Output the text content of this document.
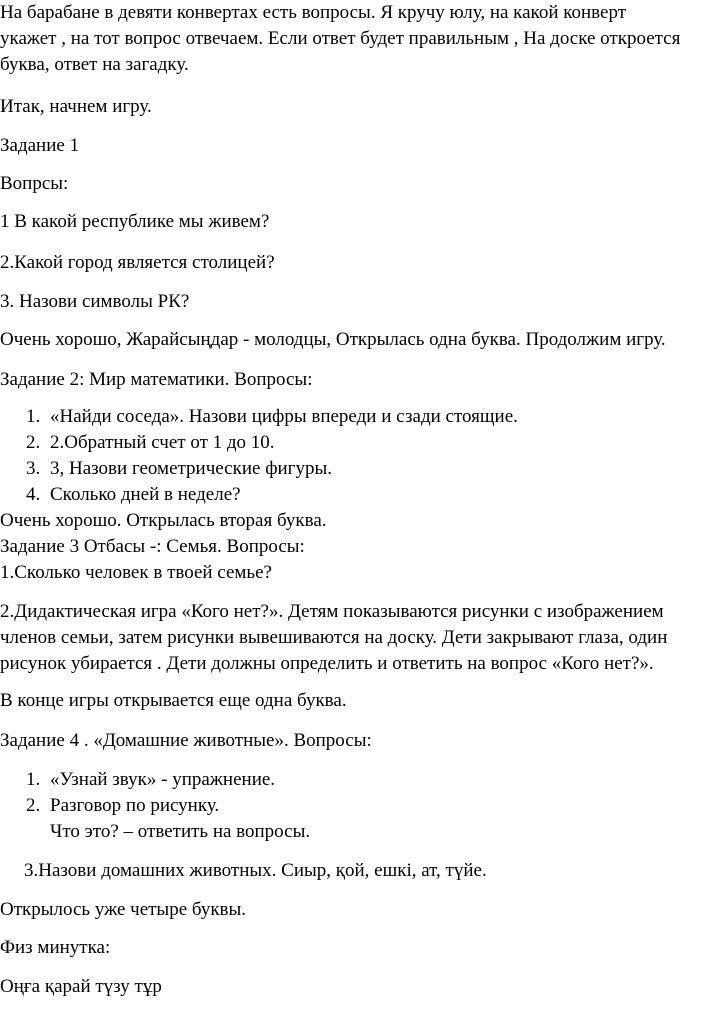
На барабане в девяти конвертах есть вопросы. Я кручу юлу, на какой конверт
укажет , на тот вопрос отвечаем. Если ответ будет правильным , На доске откроется
буква, ответ на загадку.
Итак, начнем игру.
Задание 1
Вопрсы:
1 В какой республике мы живем?
2.Какой город является столицей?
3. Назови символы РК?
Очень хорошо, Жарайсыңдар - молодцы, Открылась одна буква. Продолжим игру.
Задание 2: Мир математики. Вопросы:
1. «Найди соседа». Назови цифры впереди и сзади стоящие.
2. 2.Обратный счет от 1 до 10.
3. 3, Назови геометрические фигуры.
4. Сколько дней в неделе?
Очень хорошо. Открылась вторая буква.
Задание 3 Отбасы -: Семья. Вопросы:
1.Сколько человек в твоей семье?
2.Дидактическая игра «Кого нет?». Детям показываются рисунки с изображением
членов семьи, затем рисунки вывешиваются на доску. Дети закрывают глаза, один
рисунок убирается . Дети должны определить и ответить на вопрос «Кого нет?».
В конце игры открывается еще одна буква.
Задание 4 . «Домашние животные». Вопросы:
1. «Узнай звук» - упражнение.
2. Разговор по рисунку.
Что это? – ответить на вопросы.
3.Назови домашних животных. Сиыр, қой, ешкі, ат, түйе.
Открылось уже четыре буквы.
Физ минутка:
Оңға қарай түзу тұр
